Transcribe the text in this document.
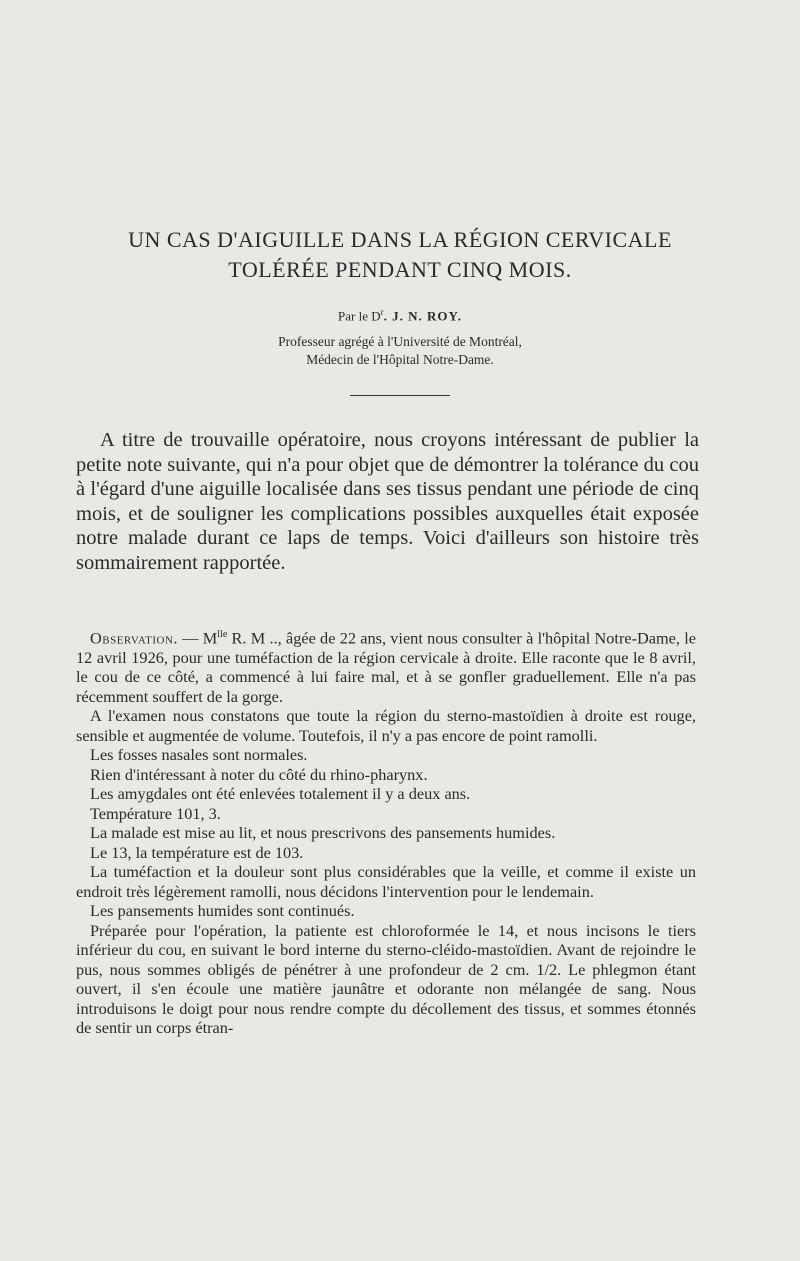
UN CAS D'AIGUILLE DANS LA RÉGION CERVICALE
TOLÉRÉE PENDANT CINQ MOIS.
Par le $D^r$. J. N. ROY.
Professeur agrégé à l'Université de Montréal,
Médecin de l'Hôpital Notre-Dame.
A titre de trouvaille opératoire, nous croyons intéressant de publier la petite note suivante, qui n'a pour objet que de démontrer la tolérance du cou à l'égard d'une aiguille localisée dans ses tissus pendant une période de cinq mois, et de souligner les complications possibles auxquelles était exposée notre malade durant ce laps de temps. Voici d'ailleurs son histoire très sommairement rapportée.

Observation. — $M^{lle}$ R. M .., âgée de 22 ans, vient nous consulter à l'hôpital Notre-Dame, le 12 avril 1926, pour une tuméfaction de la région cervicale à droite. Elle raconte que le 8 avril, le cou de ce côté, a commencé à lui faire mal, et à se gonfler graduellement. Elle n'a pas récemment souffert de la gorge.

A l'examen nous constatons que toute la région du sterno-mastoïdien à droite est rouge, sensible et augmentée de volume. Toutefois, il n'y a pas encore de point ramolli.

Les fosses nasales sont normales.

Rien d'intéressant à noter du côté du rhino-pharynx.

Les amygdales ont été enlevées totalement il y a deux ans.

Température 101, 3.

La malade est mise au lit, et nous prescrivons des pansements humides.

Le 13, la température est de 103.

La tuméfaction et la douleur sont plus considérables que la veille, et comme il existe un endroit très légèrement ramolli, nous décidons l'intervention pour le lendemain.

Les pansements humides sont continués.

Préparée pour l'opération, la patiente est chloroformée le 14, et nous incisons le tiers inférieur du cou, en suivant le bord interne du sterno-cléido-mastoïdien. Avant de rejoindre le pus, nous sommes obligés de pénétrer à une profondeur de 2 cm. 1/2. Le phlegmon étant ouvert, il s'en écoule une matière jaunâtre et odorante non mélangée de sang. Nous introduisons le doigt pour nous rendre compte du décollement des tissus, et sommes étonnés de sentir un corps étran-
